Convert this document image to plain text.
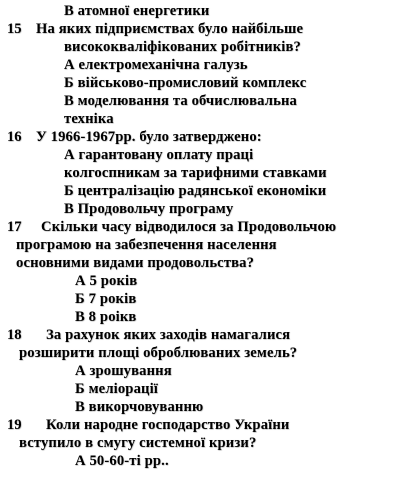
В атомної енергетики
15 На яких підприємствах було найбільше
висококваліфікованих робітників?
А електромеханічна галузь
Б військово-промисловий комплекс
В моделювання та обчислювальна
техніка
16 У 1966-1967рр. було затверджено:
А гарантовану оплату праці
колгоспникам за тарифними ставками
Б централізацію радянської економіки
В Продовольчу програму
17 Скільки часу відводилося за Продовольчою
програмою на забезпечення населення
основними видами продовольства?
А 5 років
Б 7 років
В 8 роікв
18 За рахунок яких заходів намагалися
розширити площі оброблюваних земель?
А зрошування
Б меліорації
В викорчовуванню
19 Коли народне господарство України
вступило в смугу системної кризи?
А 50-60-ті рр..
